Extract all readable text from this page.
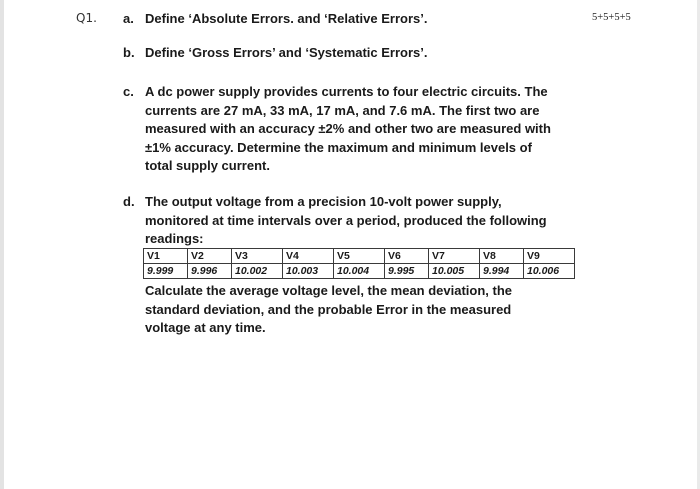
Q1.	5+5+5+5
a. Define ‘Absolute Errors. and ‘Relative Errors’.
b. Define ‘Gross Errors’ and ‘Systematic Errors’.
c. A dc power supply provides currents to four electric circuits. The
currents are 27 mA, 33 mA, 17 mA, and 7.6 mA. The first two are
measured with an accuracy ±2% and other two are measured with
±1% accuracy. Determine the maximum and minimum levels of
total supply current.
d. The output voltage from a precision 10-volt power supply,
monitored at time intervals over a period, produced the following
readings:
V1	V2	V3	V4	V5	V6	V7	V8	V9
9.999	9.996	10.002	10.003	10.004	9.995	10.005	9.994	10.006
Calculate the average voltage level, the mean deviation, the
standard deviation, and the probable Error in the measured
voltage at any time.
